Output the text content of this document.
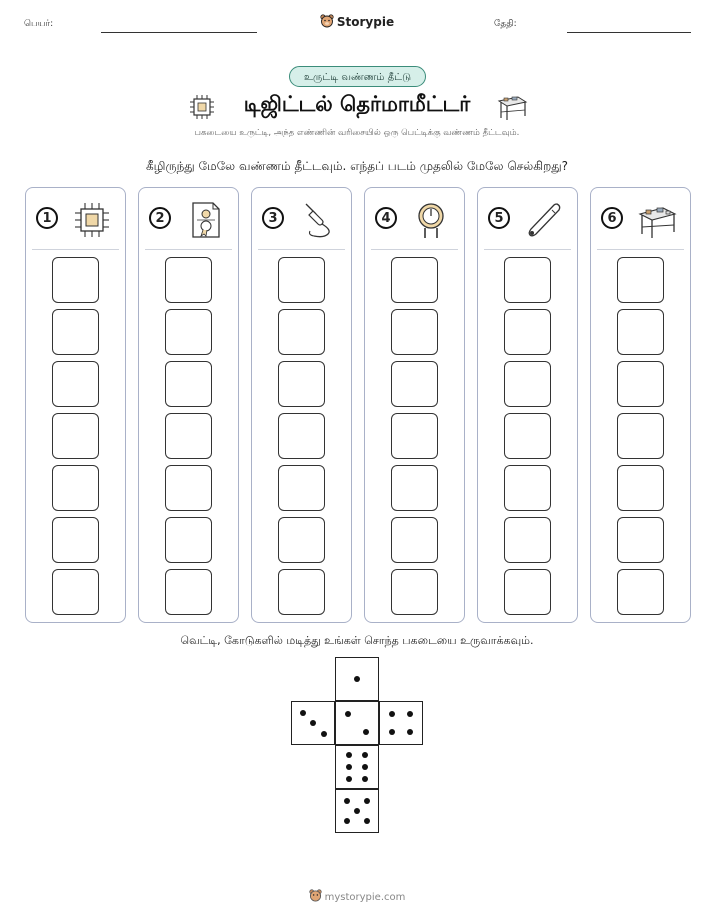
பெயர்:	Storypie	தேதி:
உருட்டி வண்ணம் தீட்டு
டிஜிட்டல் தெர்மாமீட்டர்
பகடையை உருட்டி, அந்த எண்ணின் வரிசையில் ஒரு பெட்டிக்கு வண்ணம் தீட்டவும்.
கீழிருந்து மேலே வண்ணம் தீட்டவும். எந்தப் படம் முதலில் மேலே செல்கிறது?
1	2	3	4	5	6
வெட்டி, கோடுகளில் மடித்து உங்கள் சொந்த பகடையை உருவாக்கவும்.
mystorypie.com
